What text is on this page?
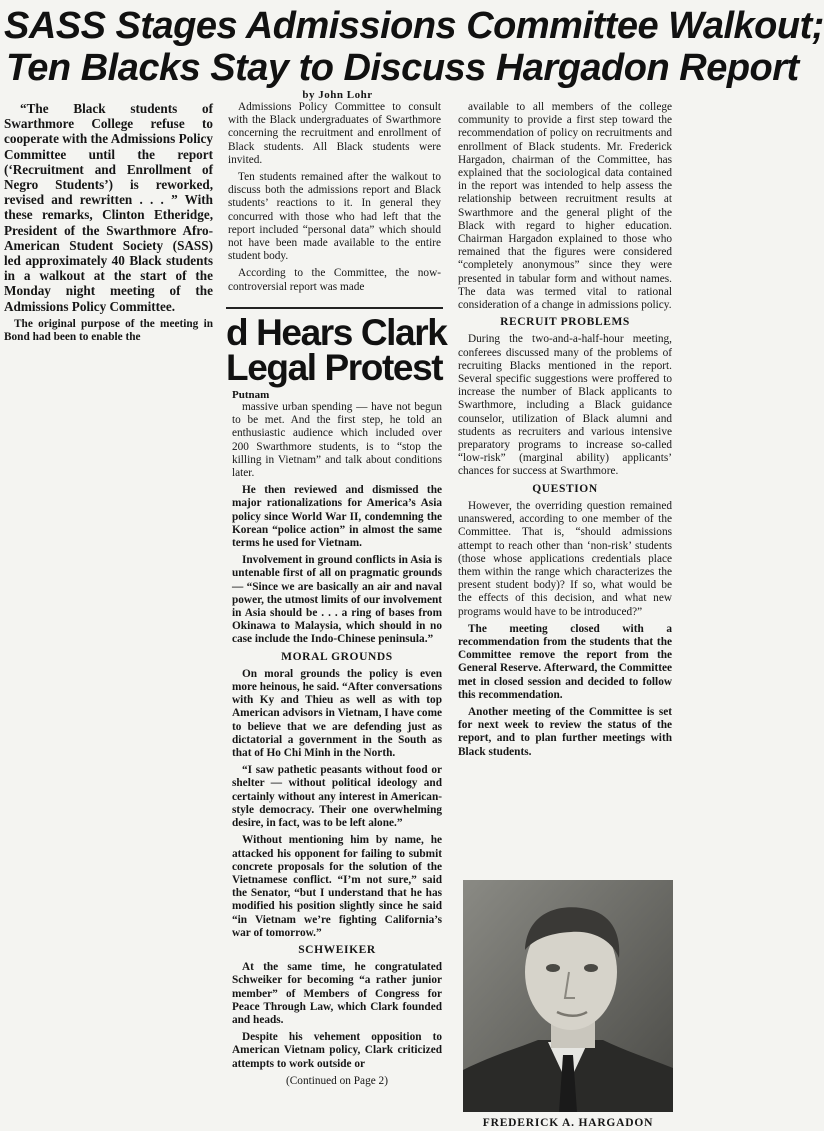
SASS Stages Admissions Committee Walkout;
Ten Blacks Stay to Discuss Hargadon Report
by John Lohr

“The Black students of Swarthmore College refuse to cooperate with the Admissions Policy Committee until the report (‘Recruitment and Enrollment of Negro Students’) is reworked, revised and rewritten . . . ” With these remarks, Clinton Etheridge, President of the Swarthmore Afro-American Student Society (SASS) led approximately 40 Black students in a walkout at the start of the Monday night meeting of the Admissions Policy Committee.

The original purpose of the meeting in Bond had been to enable the

Admissions Policy Committee to consult with the Black undergraduates of Swarthmore concerning the recruitment and enrollment of Black students. All Black students were invited.

Ten students remained after the walkout to discuss both the admissions report and Black students’ reactions to it. In general they concurred with those who had left that the report included “personal data” which should not have been made available to the entire student body.

According to the Committee, the now-controversial report was made

d Hears Clark
Legal Protest
Putnam

massive urban spending — have not begun to be met. And the first step, he told an enthusiastic audience which included over 200 Swarthmore students, is to “stop the killing in Vietnam” and talk about conditions later.

He then reviewed and dismissed the major rationalizations for America’s Asia policy since World War II, condemning the Korean “police action” in almost the same terms he used for Vietnam.

Involvement in ground conflicts in Asia is untenable first of all on pragmatic grounds — “Since we are basically an air and naval power, the utmost limits of our involvement in Asia should be . . . a ring of bases from Okinawa to Malaysia, which should in no case include the Indo-Chinese peninsula.”

MORAL GROUNDS

On moral grounds the policy is even more heinous, he said. “After conversations with Ky and Thieu as well as with top American advisors in Vietnam, I have come to believe that we are defending just as dictatorial a government in the South as that of Ho Chi Minh in the North.

“I saw pathetic peasants without food or shelter — without political ideology and certainly without any interest in American-style democracy. Their one overwhelming desire, in fact, was to be left alone.”

Without mentioning him by name, he attacked his opponent for failing to submit concrete proposals for the solution of the Vietnamese conflict. “I’m not sure,” said the Senator, “but I understand that he has modified his position slightly since he said “in Vietnam we’re fighting California’s war of tomorrow.”

SCHWEIKER

At the same time, he congratulated Schweiker for becoming “a rather junior member” of Members of Congress for Peace Through Law, which Clark founded and heads.

Despite his vehement opposition to American Vietnam policy, Clark criticized attempts to work outside or

(Continued on Page 2)

available to all members of the college community to provide a first step toward the recommendation of policy on recruitments and enrollment of Black students. Mr. Frederick Hargadon, chairman of the Committee, has explained that the sociological data contained in the report was intended to help assess the relationship between recruitment results at Swarthmore and the general plight of the Black with regard to higher education. Chairman Hargadon explained to those who remained that the figures were considered “completely anonymous” since they were presented in tabular form and without names. The data was termed vital to rational consideration of a change in admissions policy.

RECRUIT PROBLEMS

During the two-and-a-half-hour meeting, conferees discussed many of the problems of recruiting Blacks mentioned in the report. Several specific suggestions were proffered to increase the number of Black applicants to Swarthmore, including a Black guidance counselor, utilization of Black alumni and students as recruiters and various intensive preparatory programs to increase so-called “low-risk” (marginal ability) applicants’ chances for success at Swarthmore.

QUESTION

However, the overriding question remained unanswered, according to one member of the Committee. That is, “should admissions attempt to reach other than ‘non-risk’ students (those whose applications credentials place them within the range which characterizes the present student body)? If so, what would be the effects of this decision, and what new programs would have to be introduced?”

The meeting closed with a recommendation from the students that the Committee remove the report from the General Reserve. Afterward, the Committee met in closed session and decided to follow this recommendation.

Another meeting of the Committee is set for next week to review the status of the report, and to plan further meetings with Black students.

FREDERICK A. HARGADON
